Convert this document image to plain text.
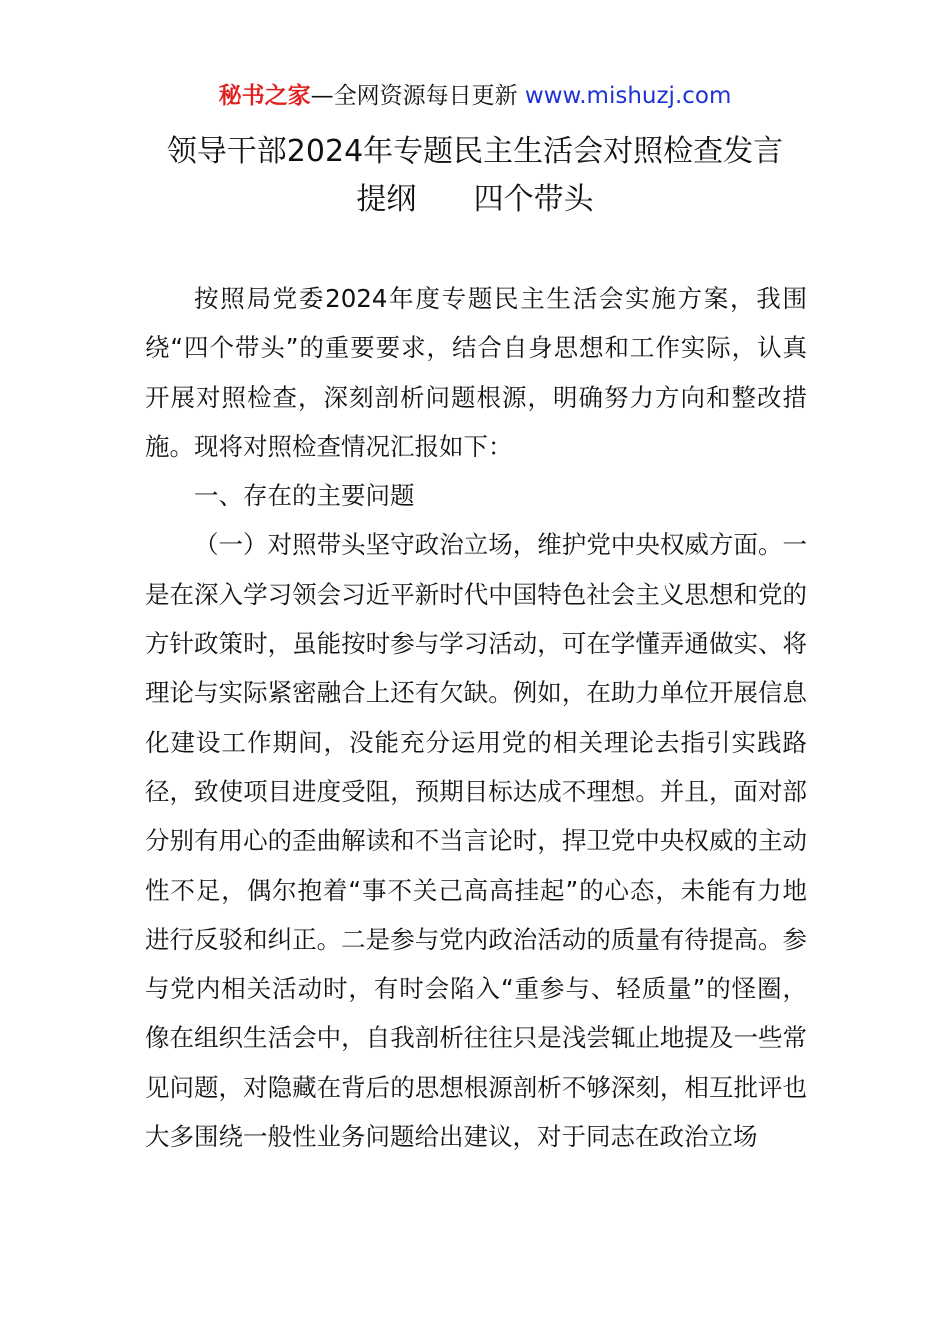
秘书之家—全网资源每日更新 www.mishuzj.com
领导干部2024年专题民主生活会对照检查发言
提纲      四个带头

按照局党委2024年度专题民主生活会实施方案，我围绕“四个带头”的重要要求，结合自身思想和工作实际，认真开展对照检查，深刻剖析问题根源，明确努力方向和整改措施。现将对照检查情况汇报如下：

一、存在的主要问题

（一）对照带头坚守政治立场，维护党中央权威方面。一是在深入学习领会习近平新时代中国特色社会主义思想和党的方针政策时，虽能按时参与学习活动，可在学懂弄通做实、将理论与实际紧密融合上还有欠缺。例如，在助力单位开展信息化建设工作期间，没能充分运用党的相关理论去指引实践路径，致使项目进度受阻，预期目标达成不理想。并且，面对部分别有用心的歪曲解读和不当言论时，捍卫党中央权威的主动性不足，偶尔抱着“事不关己高高挂起”的心态，未能有力地进行反驳和纠正。二是参与党内政治活动的质量有待提高。参与党内相关活动时，有时会陷入“重参与、轻质量”的怪圈，像在组织生活会中，自我剖析往往只是浅尝辄止地提及一些常见问题，对隐藏在背后的思想根源剖析不够深刻，相互批评也大多围绕一般性业务问题给出建议，对于同志在政治立场
